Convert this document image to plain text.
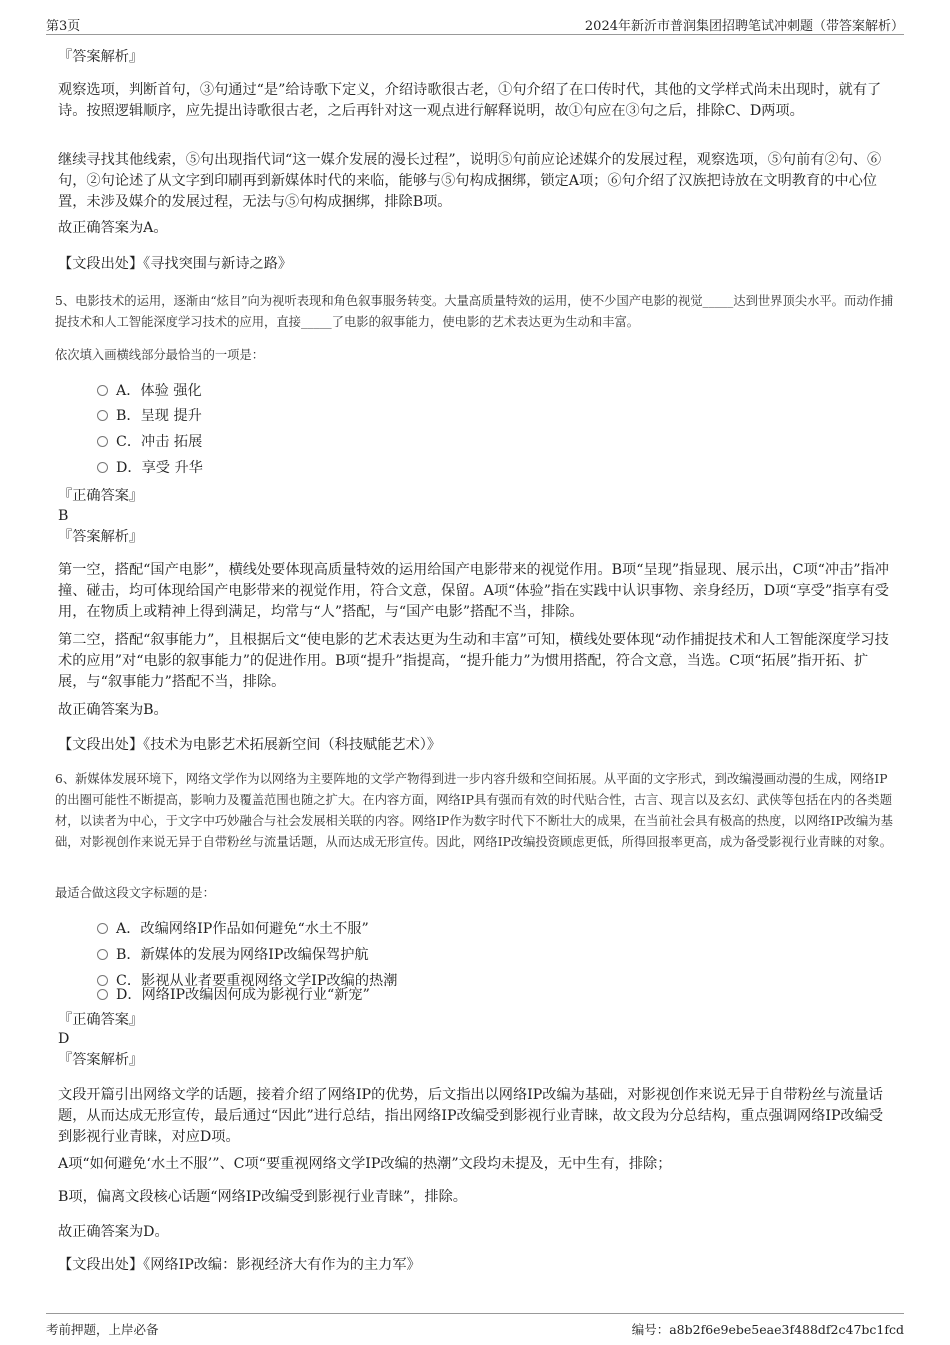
第3页	2024年新沂市普润集团招聘笔试冲刺题（带答案解析）
『答案解析』
观察选项，判断首句，③句通过“是”给诗歌下定义，介绍诗歌很古老，①句介绍了在口传时代，其他的文学样式尚未出现时，就有了诗。按照逻辑顺序，应先提出诗歌很古老，之后再针对这一观点进行解释说明，故①句应在③句之后，排除C、D两项。
继续寻找其他线索，⑤句出现指代词“这一媒介发展的漫长过程”，说明⑤句前应论述媒介的发展过程，观察选项，⑤句前有②句、⑥句，②句论述了从文字到印刷再到新媒体时代的来临，能够与⑤句构成捆绑，锁定A项；⑥句介绍了汉族把诗放在文明教育的中心位置，未涉及媒介的发展过程，无法与⑤句构成捆绑，排除B项。
故正确答案为A。
【文段出处】《寻找突围与新诗之路》
5、电影技术的运用，逐渐由“炫目”向为视听表现和角色叙事服务转变。大量高质量特效的运用，使不少国产电影的视觉_____达到世界顶尖水平。而动作捕捉技术和人工智能深度学习技术的应用，直接_____了电影的叙事能力，使电影的艺术表达更为生动和丰富。
依次填入画横线部分最恰当的一项是：
A．体验 强化
B．呈现 提升
C．冲击 拓展
D．享受 升华
『正确答案』
B
『答案解析』
第一空，搭配“国产电影”，横线处要体现高质量特效的运用给国产电影带来的视觉作用。B项“呈现”指显现、展示出，C项“冲击”指冲撞、碰击，均可体现给国产电影带来的视觉作用，符合文意，保留。A项“体验”指在实践中认识事物、亲身经历，D项“享受”指享有受用，在物质上或精神上得到满足，均常与“人”搭配，与“国产电影”搭配不当，排除。
第二空，搭配“叙事能力”，且根据后文“使电影的艺术表达更为生动和丰富”可知，横线处要体现“动作捕捉技术和人工智能深度学习技术的应用”对“电影的叙事能力”的促进作用。B项“提升”指提高，“提升能力”为惯用搭配，符合文意，当选。C项“拓展”指开拓、扩展，与“叙事能力”搭配不当，排除。
故正确答案为B。
【文段出处】《技术为电影艺术拓展新空间（科技赋能艺术）》
6、新媒体发展环境下，网络文学作为以网络为主要阵地的文学产物得到进一步内容升级和空间拓展。从平面的文字形式，到改编漫画动漫的生成，网络IP的出圈可能性不断提高，影响力及覆盖范围也随之扩大。在内容方面，网络IP具有强而有效的时代贴合性，古言、现言以及玄幻、武侠等包括在内的各类题材，以读者为中心，于文字中巧妙融合与社会发展相关联的内容。网络IP作为数字时代下不断壮大的成果，在当前社会具有极高的热度，以网络IP改编为基础，对影视创作来说无异于自带粉丝与流量话题，从而达成无形宣传。因此，网络IP改编投资顾虑更低，所得回报率更高，成为备受影视行业青睐的对象。
最适合做这段文字标题的是：
A．改编网络IP作品如何避免“水土不服”
B．新媒体的发展为网络IP改编保驾护航
C．影视从业者要重视网络文学IP改编的热潮
D．网络IP改编因何成为影视行业“新宠”
『正确答案』
D
『答案解析』
文段开篇引出网络文学的话题，接着介绍了网络IP的优势，后文指出以网络IP改编为基础，对影视创作来说无异于自带粉丝与流量话题，从而达成无形宣传，最后通过“因此”进行总结，指出网络IP改编受到影视行业青睐，故文段为分总结构，重点强调网络IP改编受到影视行业青睐，对应D项。
A项“如何避免‘水土不服’”、C项“要重视网络文学IP改编的热潮”文段均未提及，无中生有，排除；
B项，偏离文段核心话题“网络IP改编受到影视行业青睐”，排除。
故正确答案为D。
【文段出处】《网络IP改编：影视经济大有作为的主力军》
考前押题，上岸必备	编号：a8b2f6e9ebe5eae3f488df2c47bc1fcd
